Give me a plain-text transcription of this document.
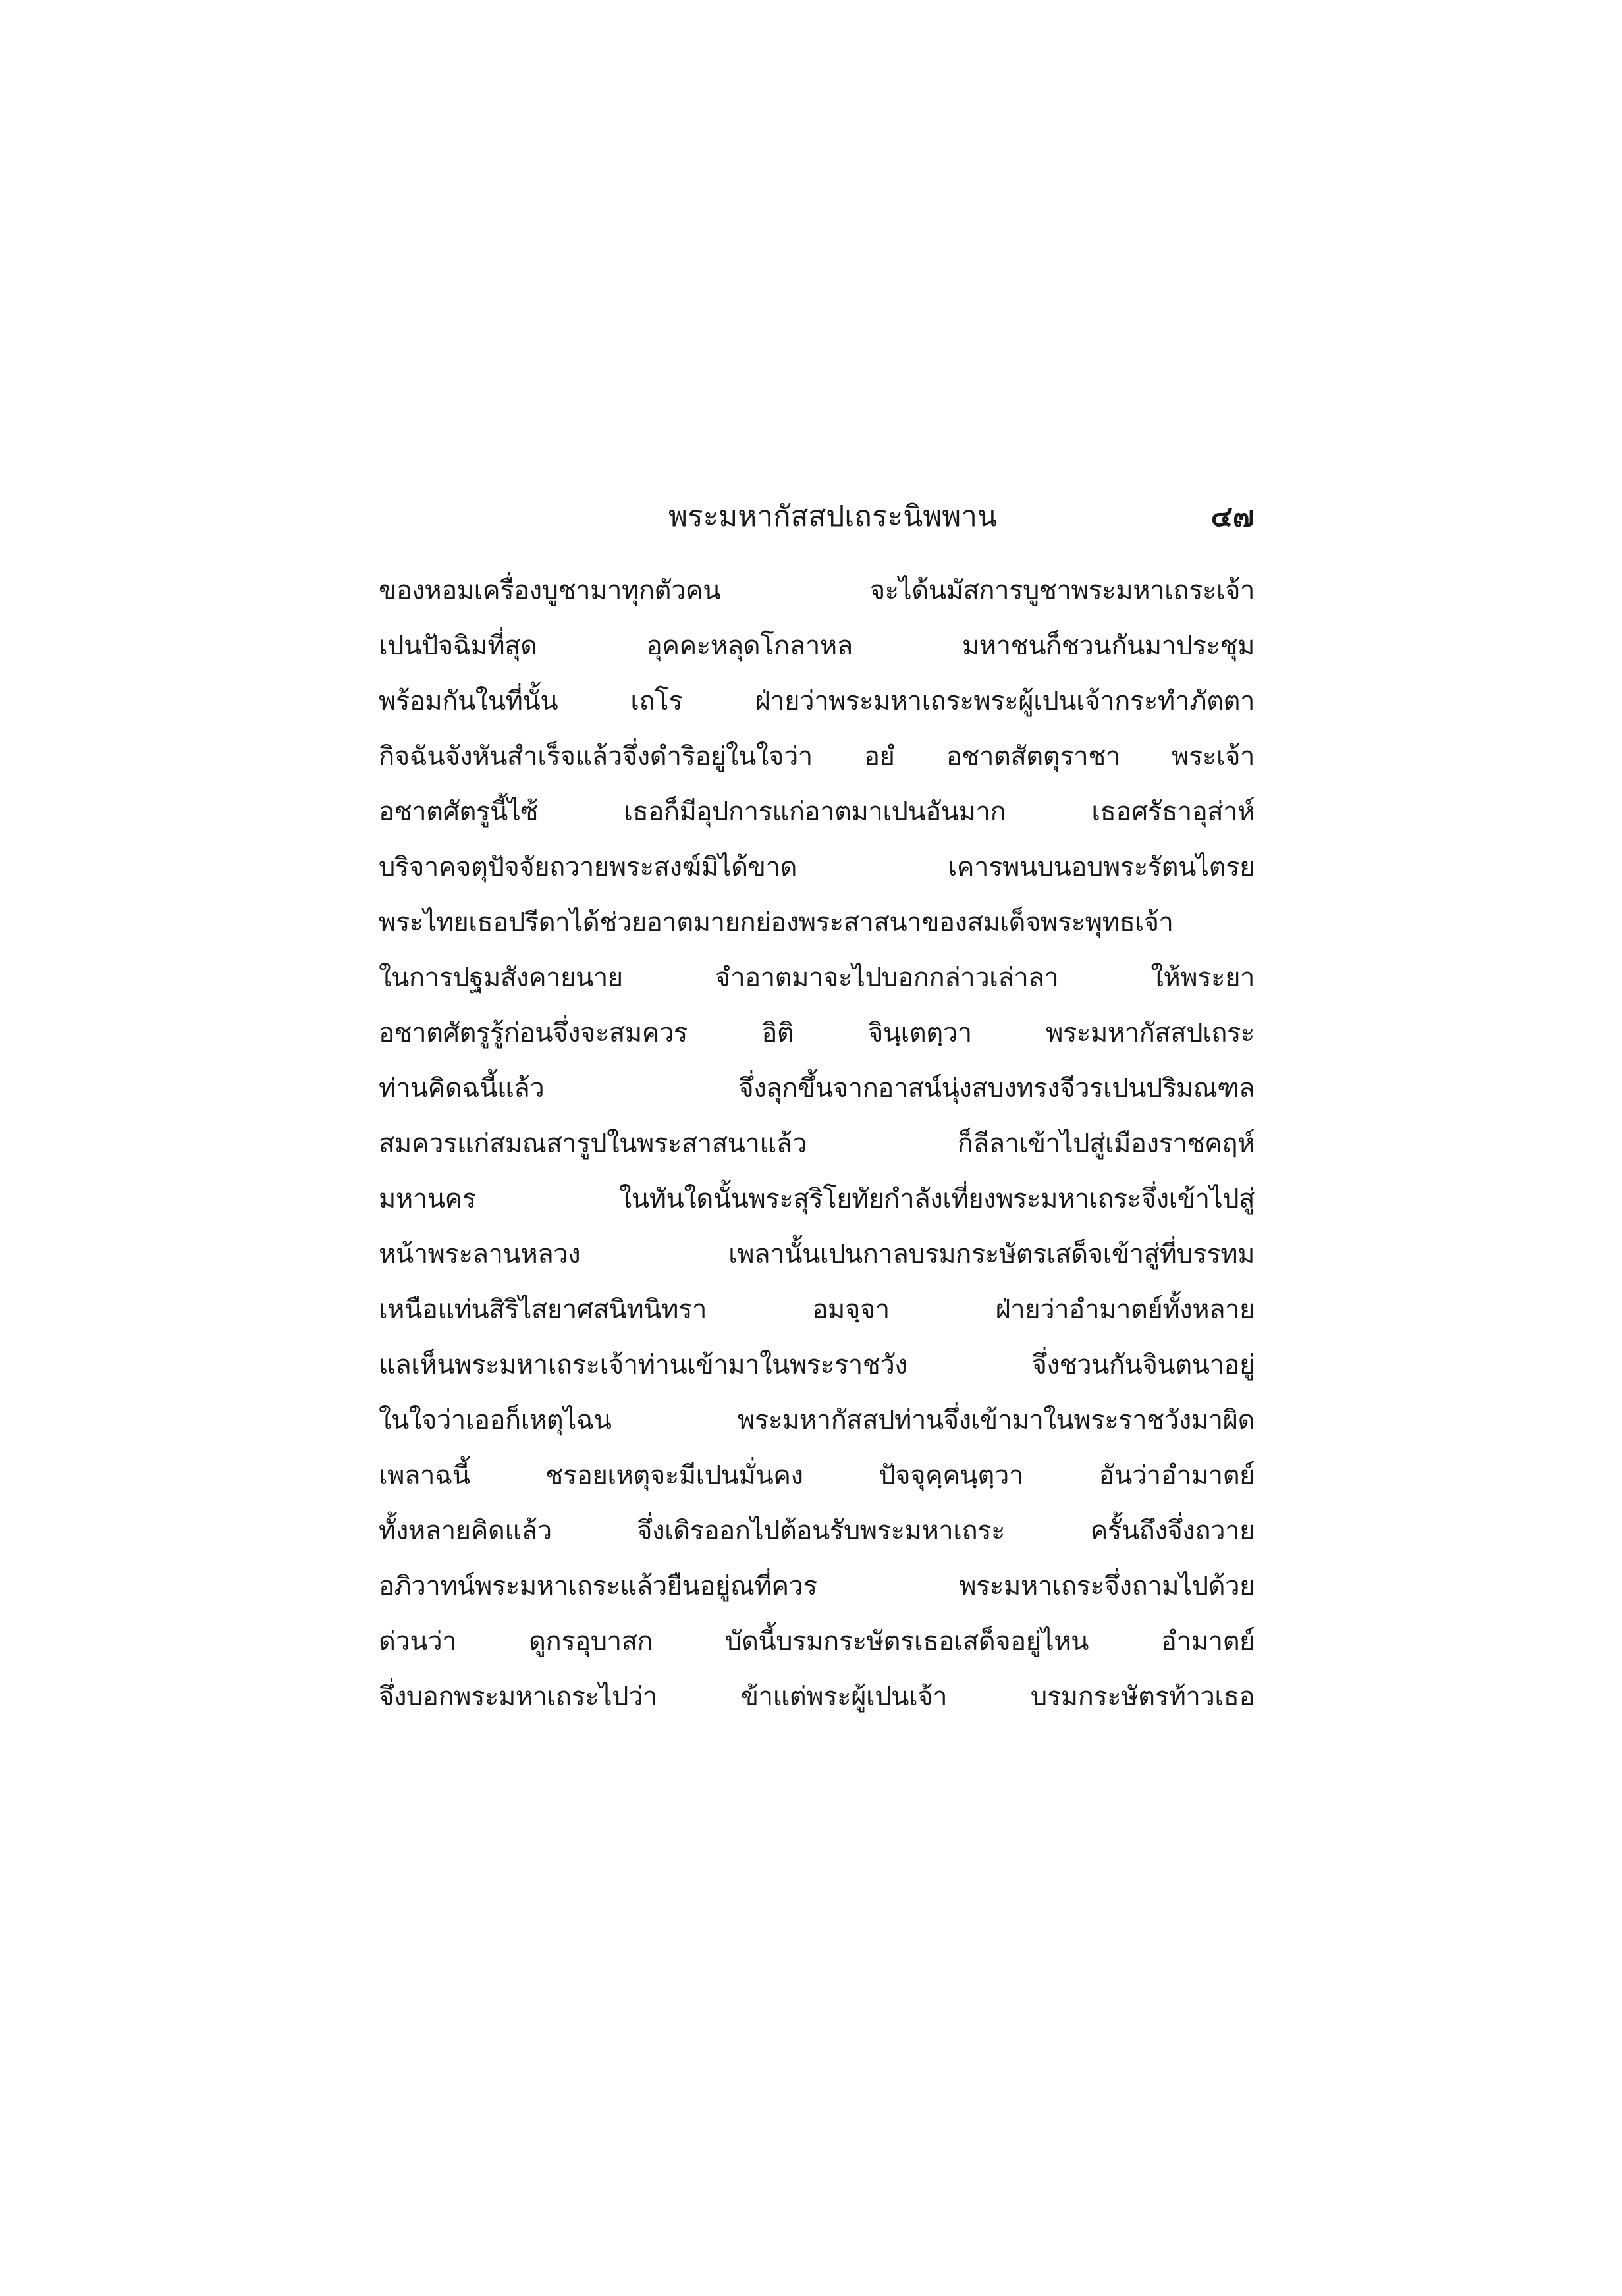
พระมหากัสสปเถระนิพพาน	๔๗
ของหอมเครื่องบูชามาทุกตัวคน	จะได้นมัสการบูชาพระมหาเถระเจ้า
เปนปัจฉิมที่สุด	อุคคะหลุดโกลาหล	มหาชนก็ชวนกันมาประชุม
พร้อมกันในที่นั้น	เถโร	ฝ่ายว่าพระมหาเถระพระผู้เปนเจ้ากระทำภัตตา
กิจฉันจังหันสำเร็จแล้วจึ่งดำริอยู่ในใจว่า อยํ อชาตสัตตุราชา พระเจ้า
อชาตศัตรูนี้ไซ้	เธอก็มีอุปการแก่อาตมาเปนอันมาก	เธอศรัธาอุส่าห์
บริจาคจตุปัจจัยถวายพระสงฆ์มิได้ขาด	เคารพนบนอบพระรัตนไตรย
พระไทยเธอปรีดาได้ช่วยอาตมายกย่องพระสาสนาของสมเด็จพระพุทธเจ้า
ในการปฐมสังคายนาย	จำอาตมาจะไปบอกกล่าวเล่าลา	ให้พระยา
อชาตศัตรูรู้ก่อนจึ่งจะสมควร	อิติ	จินฺเตตฺวา	พระมหากัสสปเถระ
ท่านคิดฉนี้แล้ว	จึ่งลุกขึ้นจากอาสน์นุ่งสบงทรงจีวรเปนปริมณฑล
สมควรแก่สมณสารูปในพระสาสนาแล้ว	ก็ลีลาเข้าไปสู่เมืองราชคฤห์
มหานคร	ในทันใดนั้นพระสุริโยทัยกำลังเที่ยงพระมหาเถระจึ่งเข้าไปสู่
หน้าพระลานหลวง	เพลานั้นเปนกาลบรมกระษัตรเสด็จเข้าสู่ที่บรรทม
เหนือแท่นสิริไสยาศสนิทนิทรา	อมจฺจา	ฝ่ายว่าอำมาตย์ทั้งหลาย
แลเห็นพระมหาเถระเจ้าท่านเข้ามาในพระราชวัง	จึ่งชวนกันจินตนาอยู่
ในใจว่าเออก็เหตุไฉน	พระมหากัสสปท่านจึ่งเข้ามาในพระราชวังมาผิด
เพลาฉนี้	ชรอยเหตุจะมีเปนมั่นคง	ปัจจุคฺคนฺตฺวา	อันว่าอำมาตย์
ทั้งหลายคิดแล้ว	จึ่งเดิรออกไปต้อนรับพระมหาเถระ	ครั้นถึงจึ่งถวาย
อภิวาทน์พระมหาเถระแล้วยืนอยู่ณที่ควร	พระมหาเถระจึ่งถามไปด้วย
ด่วนว่า	ดูกรอุบาสก	บัดนี้บรมกระษัตรเธอเสด็จอยู่ไหน	อำมาตย์
จึ่งบอกพระมหาเถระไปว่า	ข้าแต่พระผู้เปนเจ้า	บรมกระษัตรท้าวเธอ
